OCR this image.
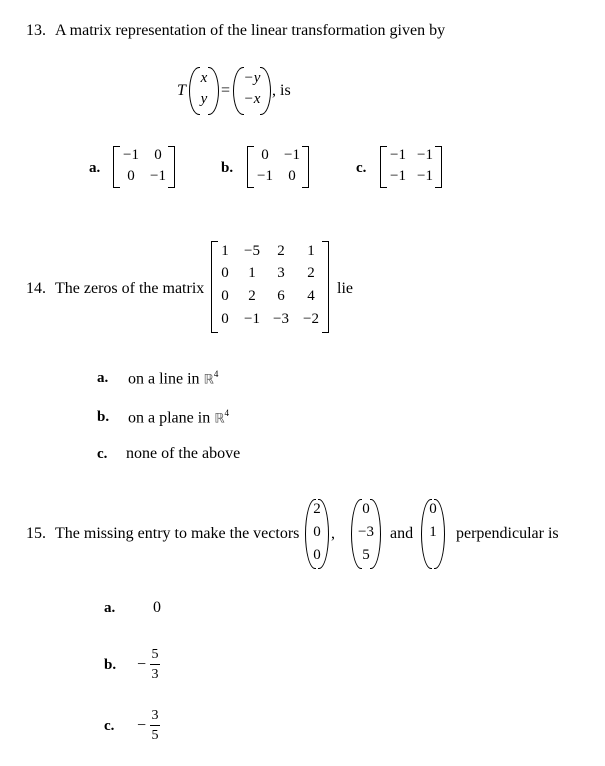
13. A matrix representation of the linear transformation given by
T
x
y =
−y
−x , is
a.
−1	0
0	−1	b.
0	−1
−1	0	c.
−1 −1
−1 −1
14. The zeros of the matrix
1	−5	2	1
0	1	3	2
0	2	6	4
0	−1 −3 −2
lie
a. on a line in ℝ$^4$
b. on a plane in ℝ$^4$
c. none of the above
15. The missing entry to make the vectors
2
0
0
,
0
−3
5
and
0
1	perpendicular is
a. 0
b. − $\frac{5}{3}$
c. − $\frac{3}{5}$
